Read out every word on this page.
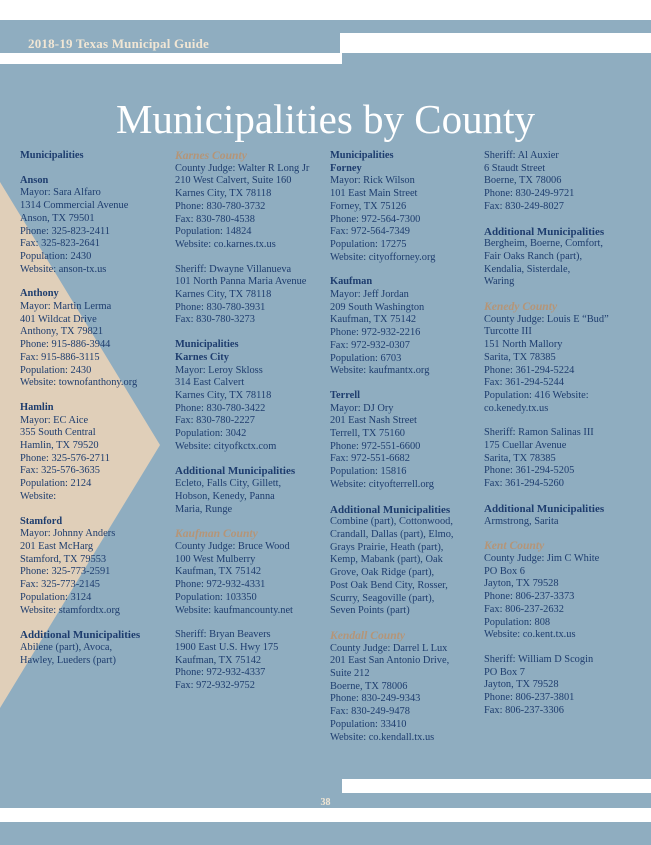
2018-19 Texas Municipal Guide
Municipalities by County
Municipalities
Anson
Mayor: Sara Alfaro
1314 Commercial Avenue
Anson, TX 79501
Phone: 325-823-2411
Fax: 325-823-2641
Population: 2430
Website: anson-tx.us
Anthony
Mayor: Martin Lerma
401 Wildcat Drive
Anthony, TX 79821
Phone: 915-886-3944
Fax: 915-886-3115
Population: 2430
Website: townofanthony.org
Hamlin
Mayor: EC Aice
355 South Central
Hamlin, TX 79520
Phone: 325-576-2711
Fax: 325-576-3635
Population: 2124
Website:
Stamford
Mayor: Johnny Anders
201 East McHarg
Stamford, TX 79553
Phone: 325-773-2591
Fax: 325-773-2145
Population: 3124
Website: stamfordtx.org
Additional Municipalities
Abilene (part), Avoca,
Hawley, Lueders (part)
Karnes County
County Judge: Walter R Long Jr
210 West Calvert, Suite 160
Karnes City, TX 78118
Phone: 830-780-3732
Fax: 830-780-4538
Population: 14824
Website: co.karnes.tx.us
Sheriff: Dwayne Villanueva
101 North Panna Maria Avenue
Karnes City, TX 78118
Phone: 830-780-3931
Fax: 830-780-3273
Municipalities
Karnes City
Mayor: Leroy Skloss
314 East Calvert
Karnes City, TX 78118
Phone: 830-780-3422
Fax: 830-780-2227
Population: 3042
Website: cityofkctx.com
Additional Municipalities
Ecleto, Falls City, Gillett,
Hobson, Kenedy, Panna
Maria, Runge
Kaufman County
County Judge: Bruce Wood
100 West Mulberry
Kaufman, TX 75142
Phone: 972-932-4331
Population: 103350
Website: kaufmancounty.net
Sheriff: Bryan Beavers
1900 East U.S. Hwy 175
Kaufman, TX 75142
Phone: 972-932-4337
Fax: 972-932-9752
Municipalities
Forney
Mayor: Rick Wilson
101 East Main Street
Forney, TX 75126
Phone: 972-564-7300
Fax: 972-564-7349
Population: 17275
Website: cityofforney.org
Kaufman
Mayor: Jeff Jordan
209 South Washington
Kaufman, TX 75142
Phone: 972-932-2216
Fax: 972-932-0307
Population: 6703
Website: kaufmantx.org
Terrell
Mayor: DJ Ory
201 East Nash Street
Terrell, TX 75160
Phone: 972-551-6600
Fax: 972-551-6682
Population: 15816
Website: cityofterrell.org
Additional Municipalities
Combine (part), Cottonwood,
Crandall, Dallas (part), Elmo,
Grays Prairie, Heath (part),
Kemp, Mabank (part), Oak
Grove, Oak Ridge (part),
Post Oak Bend City, Rosser,
Scurry, Seagoville (part),
Seven Points (part)
Kendall County
County Judge: Darrel L Lux
201 East San Antonio Drive,
Suite 212
Boerne, TX 78006
Phone: 830-249-9343
Fax: 830-249-9478
Population: 33410
Website: co.kendall.tx.us
Sheriff: Al Auxier
6 Staudt Street
Boerne, TX 78006
Phone: 830-249-9721
Fax: 830-249-8027
Additional Municipalities
Bergheim, Boerne, Comfort,
Fair Oaks Ranch (part),
Kendalia, Sisterdale,
Waring
Kenedy County
County Judge: Louis E “Bud”
Turcotte III
151 North Mallory
Sarita, TX 78385
Phone: 361-294-5224
Fax: 361-294-5244
Population: 416 Website:
co.kenedy.tx.us
Sheriff: Ramon Salinas III
175 Cuellar Avenue
Sarita, TX 78385
Phone: 361-294-5205
Fax: 361-294-5260
Additional Municipalities
Armstrong, Sarita
Kent County
County Judge: Jim C White
PO Box 6
Jayton, TX 79528
Phone: 806-237-3373
Fax: 806-237-2632
Population: 808
Website: co.kent.tx.us
Sheriff: William D Scogin
PO Box 7
Jayton, TX 79528
Phone: 806-237-3801
Fax: 806-237-3306
38
